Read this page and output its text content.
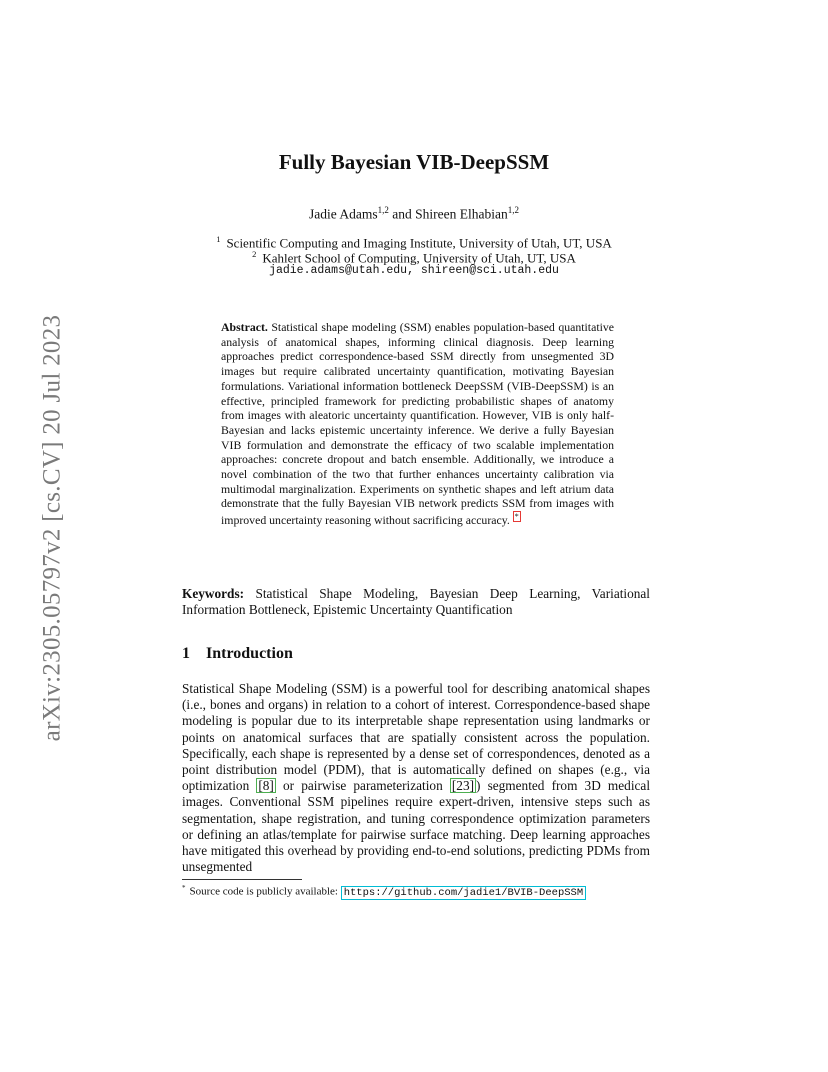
arXiv:2305.05797v2 [cs.CV] 20 Jul 2023
Fully Bayesian VIB-DeepSSM
Jadie Adams$^{1,2}$ and Shireen Elhabian$^{1,2}$
$^1$ Scientific Computing and Imaging Institute, University of Utah, UT, USA
$^2$ Kahlert School of Computing, University of Utah, UT, USA
jadie.adams@utah.edu, shireen@sci.utah.edu
Abstract. Statistical shape modeling (SSM) enables population-based quantitative analysis of anatomical shapes, informing clinical diagnosis. Deep learning approaches predict correspondence-based SSM directly from unsegmented 3D images but require calibrated uncertainty quantification, motivating Bayesian formulations. Variational information bottleneck DeepSSM (VIB-DeepSSM) is an effective, principled framework for predicting probabilistic shapes of anatomy from images with aleatoric uncertainty quantification. However, VIB is only half-Bayesian and lacks epistemic uncertainty inference. We derive a fully Bayesian VIB formulation and demonstrate the efficacy of two scalable implementation approaches: concrete dropout and batch ensemble. Additionally, we introduce a novel combination of the two that further enhances uncertainty calibration via multimodal marginalization. Experiments on synthetic shapes and left atrium data demonstrate that the fully Bayesian VIB network predicts SSM from images with improved uncertainty reasoning without sacrificing accuracy. *
Keywords: Statistical Shape Modeling, Bayesian Deep Learning, Variational Information Bottleneck, Epistemic Uncertainty Quantification
1 Introduction
Statistical Shape Modeling (SSM) is a powerful tool for describing anatomical shapes (i.e., bones and organs) in relation to a cohort of interest. Correspondence-based shape modeling is popular due to its interpretable shape representation using landmarks or points on anatomical surfaces that are spatially consistent across the population. Specifically, each shape is represented by a dense set of correspondences, denoted as a point distribution model (PDM), that is automatically defined on shapes (e.g., via optimization [8] or pairwise parameterization [23] ) segmented from 3D medical images. Conventional SSM pipelines require expert-driven, intensive steps such as segmentation, shape registration, and tuning correspondence optimization parameters or defining an atlas/template for pairwise surface matching. Deep learning approaches have mitigated this overhead by providing end-to-end solutions, predicting PDMs from unsegmented
* Source code is publicly available: https://github.com/jadie1/BVIB-DeepSSM
